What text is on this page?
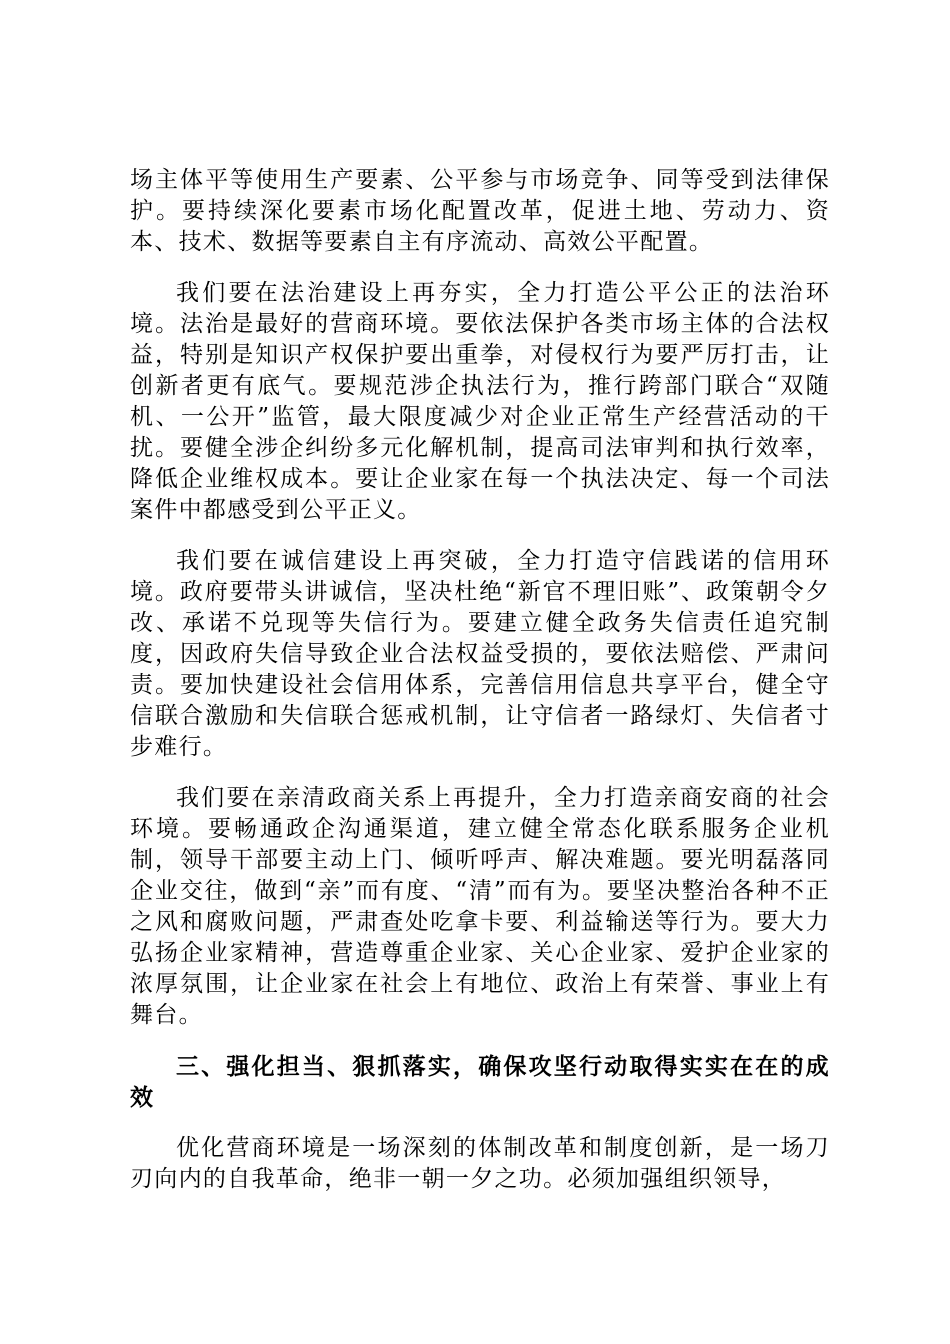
场主体平等使用生产要素、公平参与市场竞争、同等受到法律保护。要持续深化要素市场化配置改革，促进土地、劳动力、资本、技术、数据等要素自主有序流动、高效公平配置。

我们要在法治建设上再夯实，全力打造公平公正的法治环境。法治是最好的营商环境。要依法保护各类市场主体的合法权益，特别是知识产权保护要出重拳，对侵权行为要严厉打击，让创新者更有底气。要规范涉企执法行为，推行跨部门联合“双随机、一公开”监管，最大限度减少对企业正常生产经营活动的干扰。要健全涉企纠纷多元化解机制，提高司法审判和执行效率，降低企业维权成本。要让企业家在每一个执法决定、每一个司法案件中都感受到公平正义。

我们要在诚信建设上再突破，全力打造守信践诺的信用环境。政府要带头讲诚信，坚决杜绝“新官不理旧账”、政策朝令夕改、承诺不兑现等失信行为。要建立健全政务失信责任追究制度，因政府失信导致企业合法权益受损的，要依法赔偿、严肃问责。要加快建设社会信用体系，完善信用信息共享平台，健全守信联合激励和失信联合惩戒机制，让守信者一路绿灯、失信者寸步难行。

我们要在亲清政商关系上再提升，全力打造亲商安商的社会环境。要畅通政企沟通渠道，建立健全常态化联系服务企业机制，领导干部要主动上门、倾听呼声、解决难题。要光明磊落同企业交往，做到“亲”而有度、“清”而有为。要坚决整治各种不正之风和腐败问题，严肃查处吃拿卡要、利益输送等行为。要大力弘扬企业家精神，营造尊重企业家、关心企业家、爱护企业家的浓厚氛围，让企业家在社会上有地位、政治上有荣誉、事业上有舞台。

三、强化担当、狠抓落实，确保攻坚行动取得实实在在的成效

优化营商环境是一场深刻的体制改革和制度创新，是一场刀刃向内的自我革命，绝非一朝一夕之功。必须加强组织领导，
